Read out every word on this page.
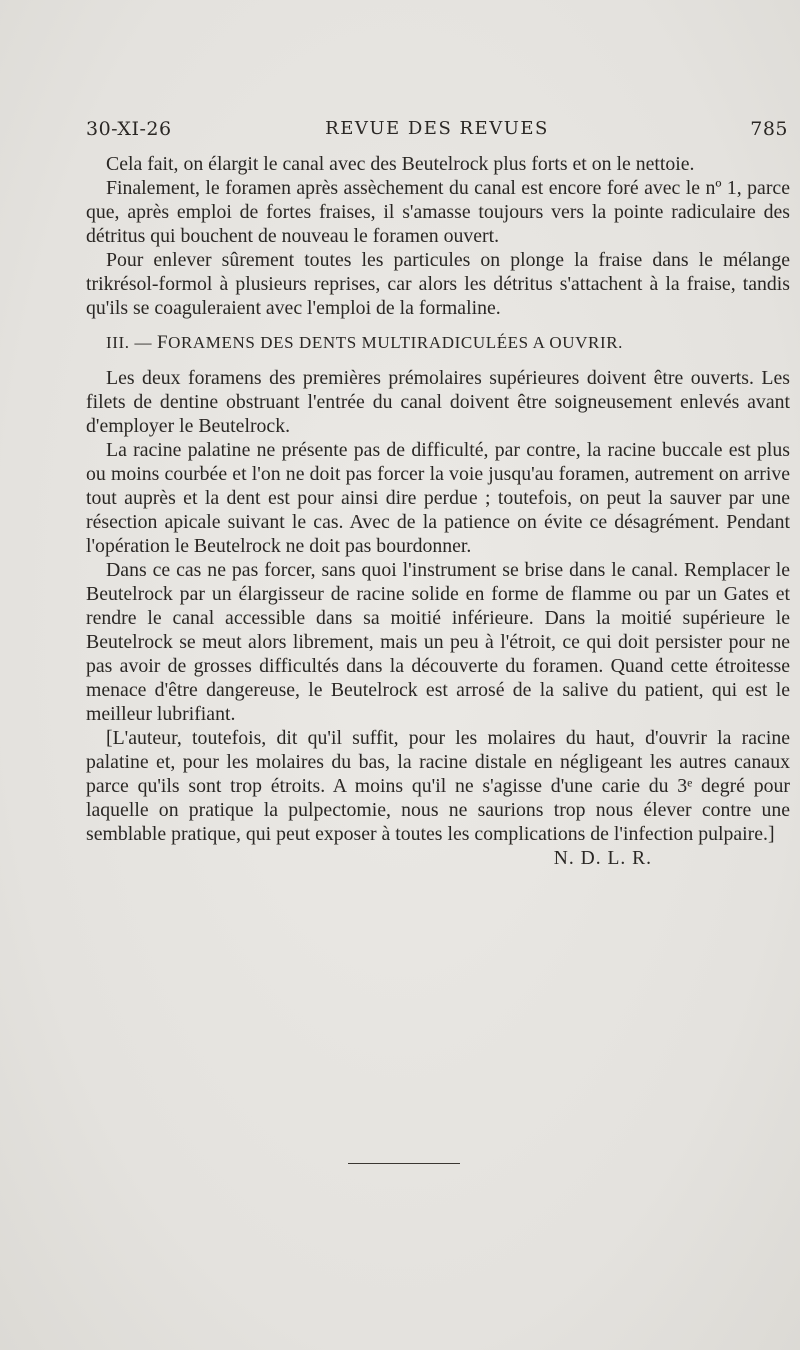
30-XI-26	REVUE DES REVUES	785

Cela fait, on élargit le canal avec des Beutelrock plus forts et on le nettoie.

Finalement, le foramen après assèchement du canal est encore foré avec le nº 1, parce que, après emploi de fortes fraises, il s'amasse toujours vers la pointe radiculaire des détritus qui bouchent de nouveau le foramen ouvert.

Pour enlever sûrement toutes les particules on plonge la fraise dans le mélange trikrésol-formol à plusieurs reprises, car alors les détritus s'attachent à la fraise, tandis qu'ils se coaguleraient avec l'emploi de la formaline.

III. — FORAMENS DES DENTS MULTIRADICULÉES A OUVRIR.

Les deux foramens des premières prémolaires supérieures doivent être ouverts. Les filets de dentine obstruant l'entrée du canal doivent être soigneusement enlevés avant d'employer le Beutelrock.

La racine palatine ne présente pas de difficulté, par contre, la racine buccale est plus ou moins courbée et l'on ne doit pas forcer la voie jusqu'au foramen, autrement on arrive tout auprès et la dent est pour ainsi dire perdue ; toutefois, on peut la sauver par une résection apicale suivant le cas. Avec de la patience on évite ce désagrément. Pendant l'opération le Beutelrock ne doit pas bourdonner.

Dans ce cas ne pas forcer, sans quoi l'instrument se brise dans le canal. Remplacer le Beutelrock par un élargisseur de racine solide en forme de flamme ou par un Gates et rendre le canal accessible dans sa moitié inférieure. Dans la moitié supérieure le Beutelrock se meut alors librement, mais un peu à l'étroit, ce qui doit persister pour ne pas avoir de grosses difficultés dans la découverte du foramen. Quand cette étroitesse menace d'être dangereuse, le Beutelrock est arrosé de la salive du patient, qui est le meilleur lubrifiant.

[L'auteur, toutefois, dit qu'il suffit, pour les molaires du haut, d'ouvrir la racine palatine et, pour les molaires du bas, la racine distale en négligeant les autres canaux parce qu'ils sont trop étroits. A moins qu'il ne s'agisse d'une carie du 3ᵉ degré pour laquelle on pratique la pulpectomie, nous ne saurions trop nous élever contre une semblable pratique, qui peut exposer à toutes les complications de l'infection pulpaire.]

N. D. L. R.
